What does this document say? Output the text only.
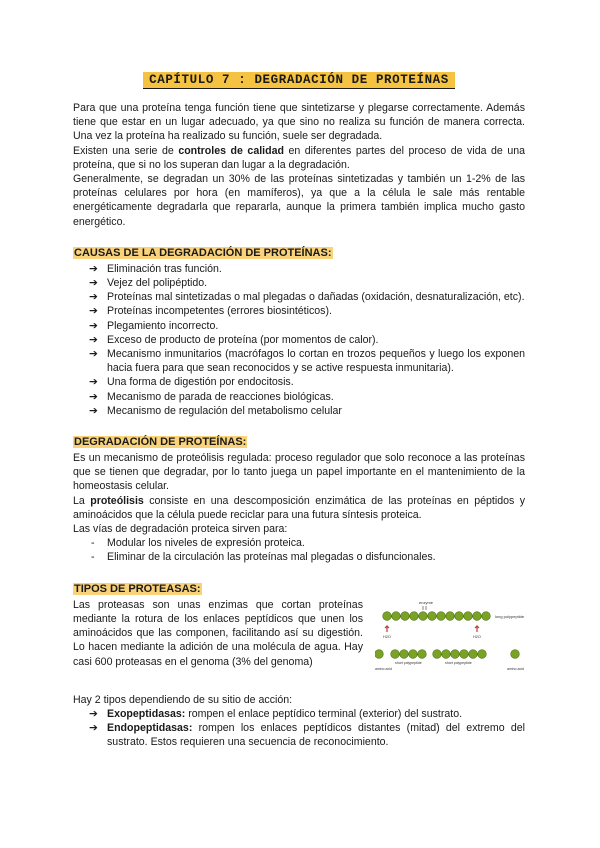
CAPÍTULO 7 : DEGRADACIÓN DE PROTEÍNAS

Para que una proteína tenga función tiene que sintetizarse y plegarse correctamente. Además tiene que estar en un lugar adecuado, ya que sino no realiza su función de manera correcta. Una vez la proteína ha realizado su función, suele ser degradada.

Existen una serie de controles de calidad en diferentes partes del proceso de vida de una proteína, que si no los superan dan lugar a la degradación.

Generalmente, se degradan un 30% de las proteínas sintetizadas y también un 1-2% de las proteínas celulares por hora (en mamíferos), ya que a la célula le sale más rentable energéticamente degradarla que repararla, aunque la primera también implica mucho gasto energético.

CAUSAS DE LA DEGRADACIÓN DE PROTEÍNAS:
➔ Eliminación tras función.
➔ Vejez del polipéptido.
➔ Proteínas mal sintetizadas o mal plegadas o dañadas (oxidación, desnaturalización, etc).
➔ Proteínas incompetentes (errores biosintéticos).
➔ Plegamiento incorrecto.
➔ Exceso de producto de proteína (por momentos de calor).
➔ Mecanismo inmunitarios (macrófagos lo cortan en trozos pequeños y luego los exponen hacia fuera para que sean reconocidos y se active respuesta inmunitaria).
➔ Una forma de digestión por endocitosis.
➔ Mecanismo de parada de reacciones biológicas.
➔ Mecanismo de regulación del metabolismo celular
DEGRADACIÓN DE PROTEÍNAS:

Es un mecanismo de proteólisis regulada: proceso regulador que solo reconoce a las proteínas que se tienen que degradar, por lo tanto juega un papel importante en el mantenimiento de la homeostasis celular.

La proteólisis consiste en una descomposición enzimática de las proteínas en péptidos y aminoácidos que la célula puede reciclar para una futura síntesis proteica.

Las vías de degradación proteica sirven para:

- Modular los niveles de expresión proteica.
- Eliminar de la circulación las proteínas mal plegadas o disfuncionales.
TIPOS DE PROTEASAS:

Las proteasas son unas enzimas que cortan proteínas mediante la rotura de los enlaces peptídicos que unen los aminoácidos que las componen, facilitando así su digestión. Lo hacen mediante la adición de una molécula de agua. Hay casi 600 proteasas en el genoma (3% del genoma)

long polypeptide
enzyme
H2O	H2O
amino acid
short polypeptide	short polypeptide
amino acid

Hay 2 tipos dependiendo de su sitio de acción:

➔ Exopeptidasas: rompen el enlace peptídico terminal (exterior) del sustrato.
➔ Endopeptidasas: rompen los enlaces peptídicos distantes (mitad) del extremo del sustrato. Estos requieren una secuencia de reconocimiento.
